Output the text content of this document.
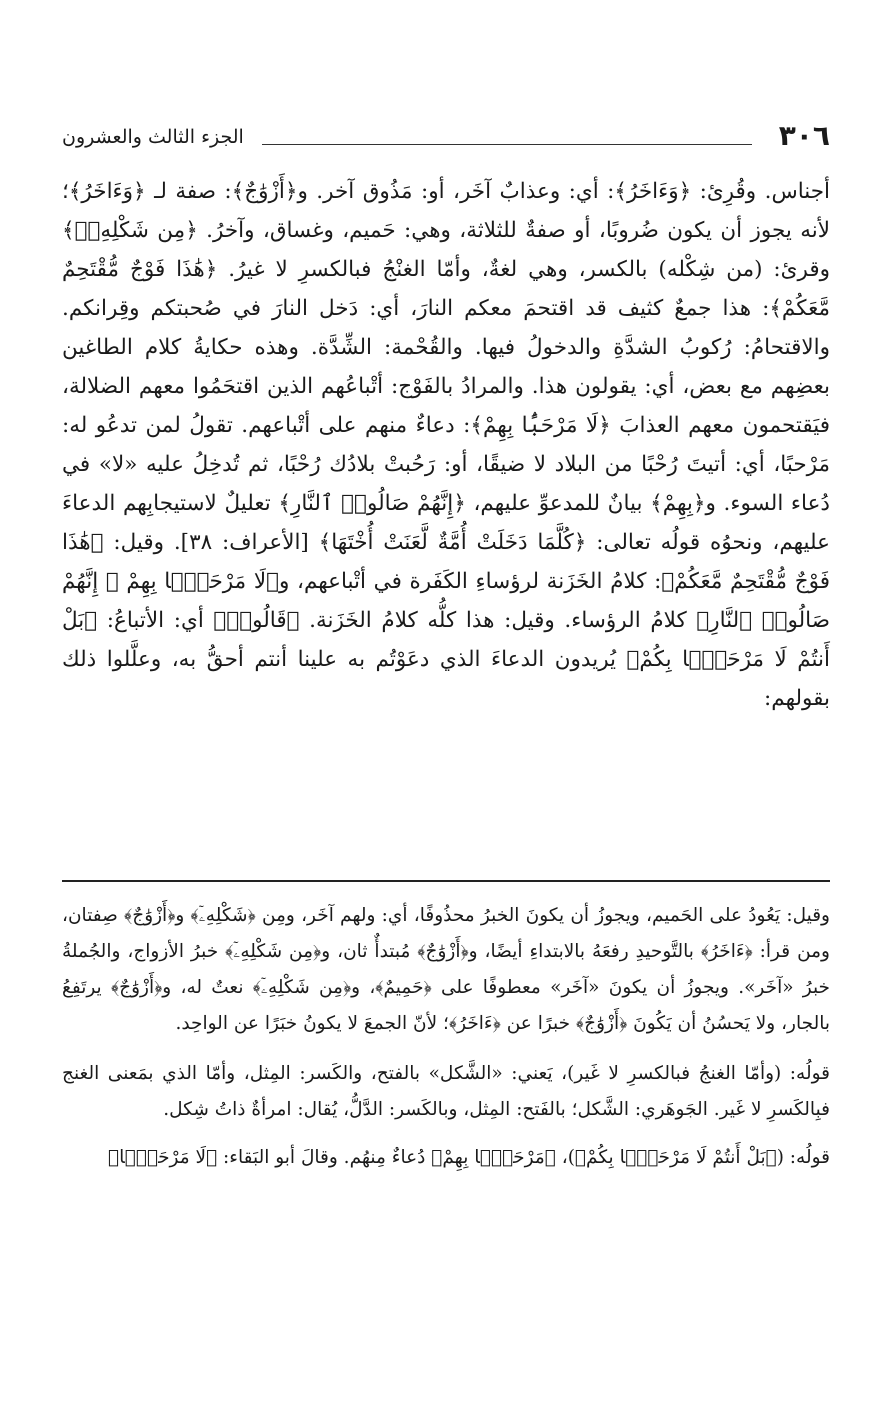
٣٠٦
الجزء الثالث والعشرون

أجناس. وقُرِئ: ﴿وَءَاخَرُ﴾: أي: وعذابٌ آخَر، أو: مَذُوق آخر. و﴿أَزْوَٰجٌ﴾: صفة لـ ﴿وَءَاخَرُ﴾؛ لأنه يجوز أن يكون ضُروبًا، أو صفةٌ للثلاثة، وهي: حَميم، وغساق، وآخرُ. ﴿مِن شَكْلِهِۦٓ﴾ وقرئ: (من شِكْله) بالكسر، وهي لغةٌ، وأمّا الغنْجُ فبالكسرِ لا غيرُ. ﴿هَٰذَا فَوْجٌ مُّقْتَحِمٌ مَّعَكُمْ﴾: هذا جمعٌ كثيف قد اقتحمَ معكم النارَ، أي: دَخل النارَ في صُحبتكم وقِرانكم. والاقتحامُ: رُكوبُ الشدَّةِ والدخولُ فيها. والقُحْمة: الشِّدَّة. وهذه حكايةُ كلام الطاغين بعضِهم مع بعض، أي: يقولون هذا. والمرادُ بالفَوْج: أتْباعُهم الذين اقتحَمُوا معهم الضلالة، فيَقتحمون معهم العذابَ ﴿لَا مَرْحَبًۢا بِهِمْ﴾: دعاءٌ منهم على أتْباعهم. تقولُ لمن تدعُو له: مَرْحبًا، أي: أتيتَ رُحْبًا من البلاد لا ضيقًا، أو: رَحُبتْ بلادُك رُحْبًا، ثم تُدخِلُ عليه «لا» في دُعاء السوء. و﴿بِهِمْ﴾ بيانٌ للمدعوِّ عليهم، ﴿إِنَّهُمْ صَالُوا۟ ٱلنَّارِ﴾ تعليلٌ لاستيجابِهم الدعاءَ عليهم، ونحوُه قولُه تعالى: ﴿كُلَّمَا دَخَلَتْ أُمَّةٌ لَّعَنَتْ أُخْتَهَا﴾ [الأعراف: ٣٨]. وقيل: ﴿هَٰذَا فَوْجٌ مُّقْتَحِمٌ مَّعَكُمْ﴾: كلامُ الخَزَنة لرؤساءِ الكَفَرة في أتْباعهم، و﴿لَا مَرْحَبًۢا بِهِمْ ۚ إِنَّهُمْ صَالُوا۟ ٱلنَّارِ﴾ كلامُ الرؤساء. وقيل: هذا كلُّه كلامُ الخَزَنة. ﴿قَالُوا۟﴾ أي: الأتباعُ: ﴿بَلْ أَنتُمْ لَا مَرْحَبًۢا بِكُمْ﴾ يُريدون الدعاءَ الذي دعَوْتُم به علينا أنتم أحقُّ به، وعلَّلوا ذلك بقولهم:

وقيل: يَعُودُ على الحَميم، ويجوزُ أن يكونَ الخبرُ محذُوفًا، أي: ولهم آخَر، ومِن ﴿شَكْلِهِۦٓ﴾ و﴿أَزْوَٰجٌ﴾ صِفتان، ومن قرأ: ﴿ءَاخَرُ﴾ بالتَّوحيدِ رفعَهُ بالابتداءِ أيضًا، و﴿أَزْوَٰجٌ﴾ مُبتدأٌ ثان، و﴿مِن شَكْلِهِۦٓ﴾ خبرُ الأزواج، والجُملةُ خبرُ «آخَر». ويجوزُ أن يكونَ «آخَر» معطوفًا على ﴿حَمِيمٌ﴾، و﴿مِن شَكْلِهِۦٓ﴾ نعتٌ له، و﴿أَزْوَٰجٌ﴾ يرتَفِعُ بالجار، ولا يَحسُنُ أن يَكُونَ ﴿أَزْوَٰجٌ﴾ خبرًا عن ﴿ءَاخَرُ﴾؛ لأنّ الجمعَ لا يكونُ خبَرًا عن الواحِد.

قولُه: (وأمّا الغنجُ فبالكسرِ لا غَير)، يَعني: «الشَّكل» بالفتح، والكَسر: المِثل، وأمّا الذي بمَعنى الغنج فبِالكَسرِ لا غَير. الجَوهَري: الشَّكل؛ بالفَتح: المِثل، وبالكَسر: الدَّلُّ، يُقال: امرأةٌ ذاتُ شِكل.

قولُه: (﴿بَلْ أَنتُمْ لَا مَرْحَبًۢا بِكُمْ﴾)، ﴿مَرْحَبًۢا بِهِمْ﴾ دُعاءٌ مِنهُم. وقالَ أبو البَقاء: ﴿لَا مَرْحَبًۢا﴾
